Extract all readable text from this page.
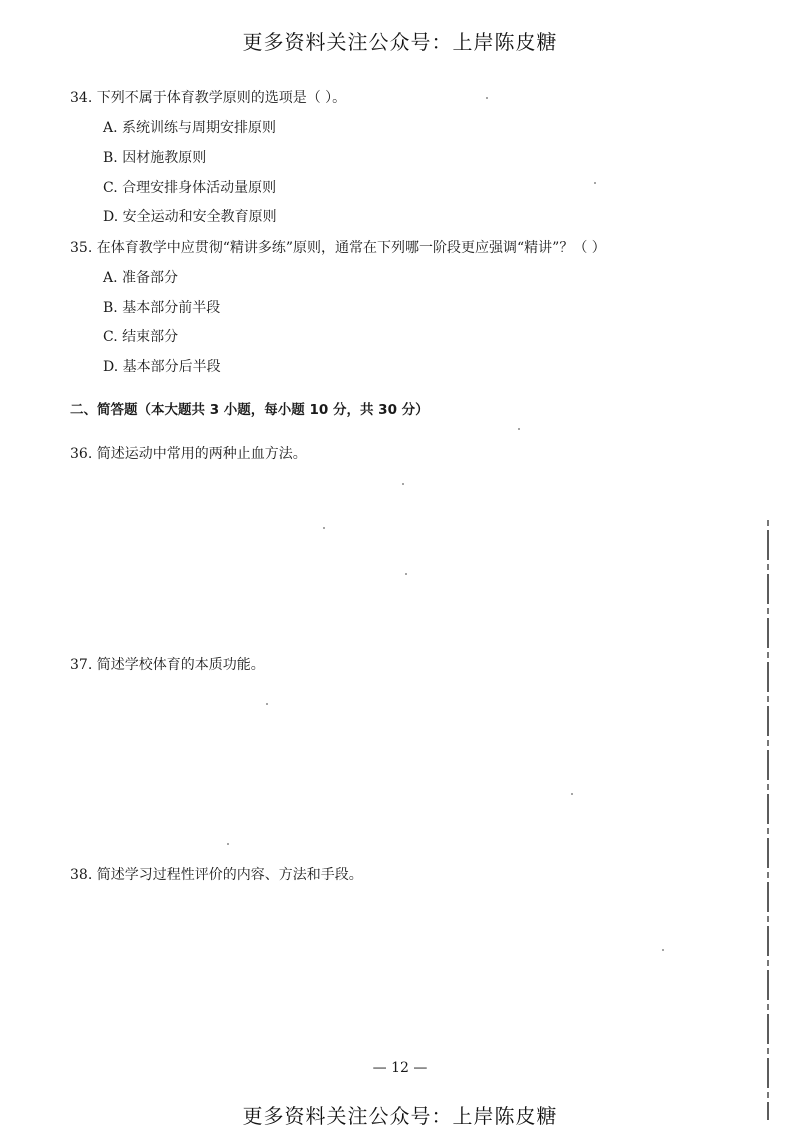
更多资料关注公众号：上岸陈皮糖
34. 下列不属于体育教学原则的选项是（ ）。
A. 系统训练与周期安排原则
B. 因材施教原则
C. 合理安排身体活动量原则
D. 安全运动和安全教育原则
35. 在体育教学中应贯彻“精讲多练”原则，通常在下列哪一阶段更应强调“精讲”？（ ）
A. 准备部分
B. 基本部分前半段
C. 结束部分
D. 基本部分后半段
二、简答题（本大题共 3 小题，每小题 10 分，共 30 分）
36. 简述运动中常用的两种止血方法。
37. 简述学校体育的本质功能。
38. 简述学习过程性评价的内容、方法和手段。
— 12 —
更多资料关注公众号：上岸陈皮糖
